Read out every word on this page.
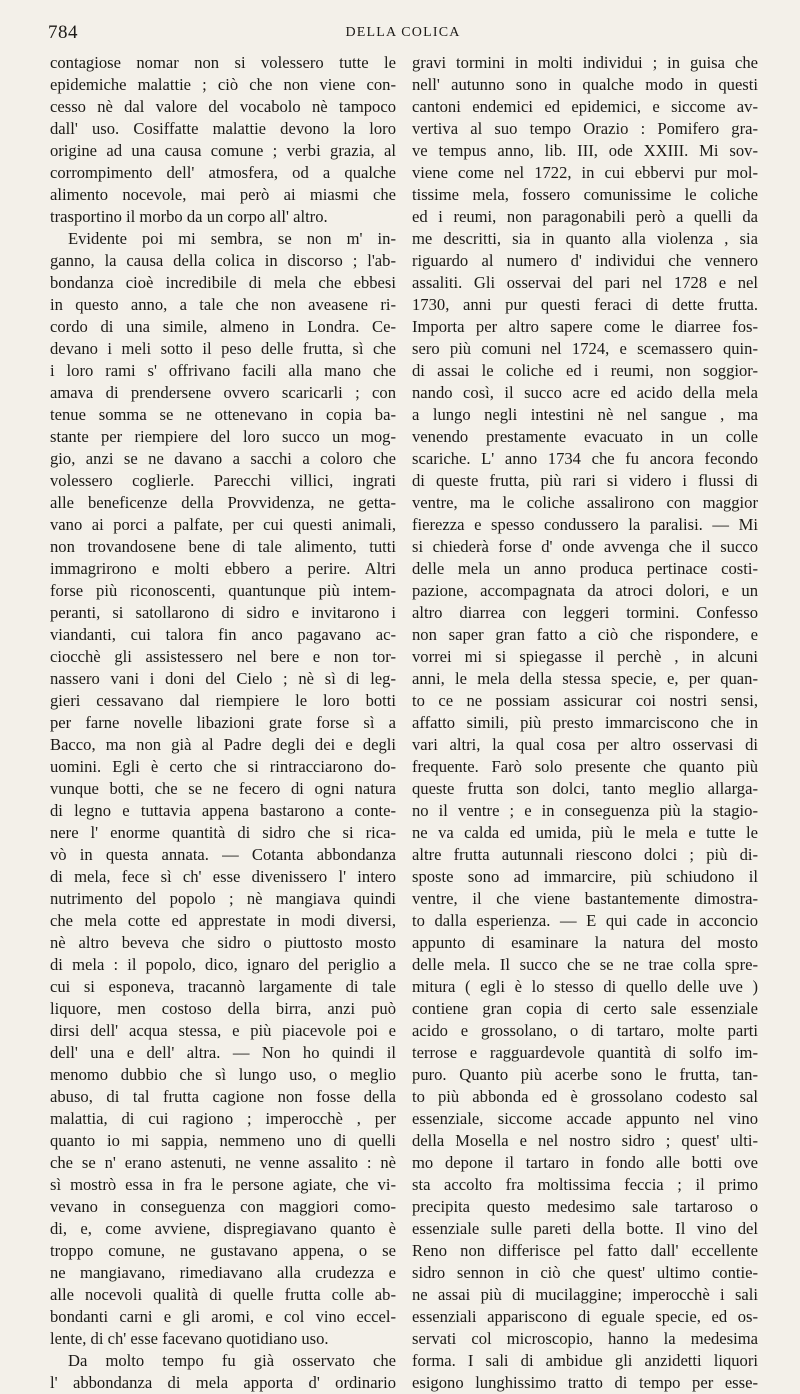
784	DELLA COLICA
contagiose nomar non si volessero tutte le
epidemiche malattie ; ciò che non viene con-
cesso nè dal valore del vocabolo nè tampoco
dall' uso. Cosiffatte malattie devono la loro
origine ad una causa comune ; verbi grazia, al
corrompimento dell' atmosfera, od a qualche
alimento nocevole, mai però ai miasmi che
trasportino il morbo da un corpo all' altro.
Evidente poi mi sembra, se non m' in-
ganno, la causa della colica in discorso ; l'ab-
bondanza cioè incredibile di mela che ebbesi
in questo anno, a tale che non aveasene ri-
cordo di una simile, almeno in Londra. Ce-
devano i meli sotto il peso delle frutta, sì che
i loro rami s' offrivano facili alla mano che
amava di prendersene ovvero scaricarli ; con
tenue somma se ne ottenevano in copia ba-
stante per riempiere del loro succo un mog-
gio, anzi se ne davano a sacchi a coloro che
volessero coglierle. Parecchi villici, ingrati
alle beneficenze della Provvidenza, ne getta-
vano ai porci a palfate, per cui questi animali,
non trovandosene bene di tale alimento, tutti
immagrirono e molti ebbero a perire. Altri
forse più riconoscenti, quantunque più intem-
peranti, si satollarono di sidro e invitarono i
viandanti, cui talora fin anco pagavano ac-
ciocchè gli assistessero nel bere e non tor-
nassero vani i doni del Cielo ; nè sì di leg-
gieri cessavano dal riempiere le loro botti
per farne novelle libazioni grate forse sì a
Bacco, ma non già al Padre degli dei e degli
uomini. Egli è certo che si rintracciarono do-
vunque botti, che se ne fecero di ogni natura
di legno e tuttavia appena bastarono a conte-
nere l' enorme quantità di sidro che si rica-
vò in questa annata. — Cotanta abbondanza
di mela, fece sì ch' esse divenissero l' intero
nutrimento del popolo ; nè mangiava quindi
che mela cotte ed apprestate in modi diversi,
nè altro beveva che sidro o piuttosto mosto
di mela : il popolo, dico, ignaro del periglio a
cui si esponeva, tracannò largamente di tale
liquore, men costoso della birra, anzi può
dirsi dell' acqua stessa, e più piacevole poi e
dell' una e dell' altra. — Non ho quindi il
menomo dubbio che sì lungo uso, o meglio
abuso, di tal frutta cagione non fosse della
malattia, di cui ragiono ; imperocchè , per
quanto io mi sappia, nemmeno uno di quelli
che se n' erano astenuti, ne venne assalito : nè
sì mostrò essa in fra le persone agiate, che vi-
vevano in conseguenza con maggiori como-
di, e, come avviene, dispregiavano quanto è
troppo comune, ne gustavano appena, o se
ne mangiavano, rimediavano alla crudezza e
alle nocevoli qualità di quelle frutta colle ab-
bondanti carni e gli aromi, e col vino eccel-
lente, di ch' esse facevano quotidiano uso.
Da molto tempo fu già osservato che
l' abbondanza di mela apporta d' ordinario
gravi tormini in molti individui ; in guisa che
nell' autunno sono in qualche modo in questi
cantoni endemici ed epidemici, e siccome av-
vertiva al suo tempo Orazio : Pomifero gra-
ve tempus anno, lib. III, ode XXIII. Mi sov-
viene come nel 1722, in cui ebbervi pur mol-
tissime mela, fossero comunissime le coliche
ed i reumi, non paragonabili però a quelli da
me descritti, sia in quanto alla violenza , sia
riguardo al numero d' individui che vennero
assaliti. Gli osservai del pari nel 1728 e nel
1730, anni pur questi feraci di dette frutta.
Importa per altro sapere come le diarree fos-
sero più comuni nel 1724, e scemassero quin-
di assai le coliche ed i reumi, non soggior-
nando così, il succo acre ed acido della mela
a lungo negli intestini nè nel sangue , ma
venendo prestamente evacuato in un colle
scariche. L' anno 1734 che fu ancora fecondo
di queste frutta, più rari si videro i flussi di
ventre, ma le coliche assalirono con maggior
fierezza e spesso condussero la paralisi. — Mi
si chiederà forse d' onde avvenga che il succo
delle mela un anno produca pertinace costi-
pazione, accompagnata da atroci dolori, e un
altro diarrea con leggeri tormini. Confesso
non saper gran fatto a ciò che rispondere, e
vorrei mi si spiegasse il perchè , in alcuni
anni, le mela della stessa specie, e, per quan-
to ce ne possiam assicurar coi nostri sensi,
affatto simili, più presto immarciscono che in
vari altri, la qual cosa per altro osservasi di
frequente. Farò solo presente che quanto più
queste frutta son dolci, tanto meglio allarga-
no il ventre ; e in conseguenza più la stagio-
ne va calda ed umida, più le mela e tutte le
altre frutta autunnali riescono dolci ; più di-
sposte sono ad immarcire, più schiudono il
ventre, il che viene bastantemente dimostra-
to dalla esperienza. — E qui cade in acconcio
appunto di esaminare la natura del mosto
delle mela. Il succo che se ne trae colla spre-
mitura ( egli è lo stesso di quello delle uve )
contiene gran copia di certo sale essenziale
acido e grossolano, o di tartaro, molte parti
terrose e ragguardevole quantità di solfo im-
puro. Quanto più acerbe sono le frutta, tan-
to più abbonda ed è grossolano codesto sal
essenziale, siccome accade appunto nel vino
della Mosella e nel nostro sidro ; quest' ulti-
mo depone il tartaro in fondo alle botti ove
sta accolto fra moltissima feccia ; il primo
precipita questo medesimo sale tartaroso o
essenziale sulle pareti della botte. Il vino del
Reno non differisce pel fatto dall' eccellente
sidro sennon in ciò che quest' ultimo contie-
ne assai più di mucilaggine; imperocchè i sali
essenziali appariscono di eguale specie, ed os-
servati col microscopio, hanno la medesima
forma. I sali di ambidue gli anzidetti liquori
esigono lunghissimo tratto di tempo per esse-
